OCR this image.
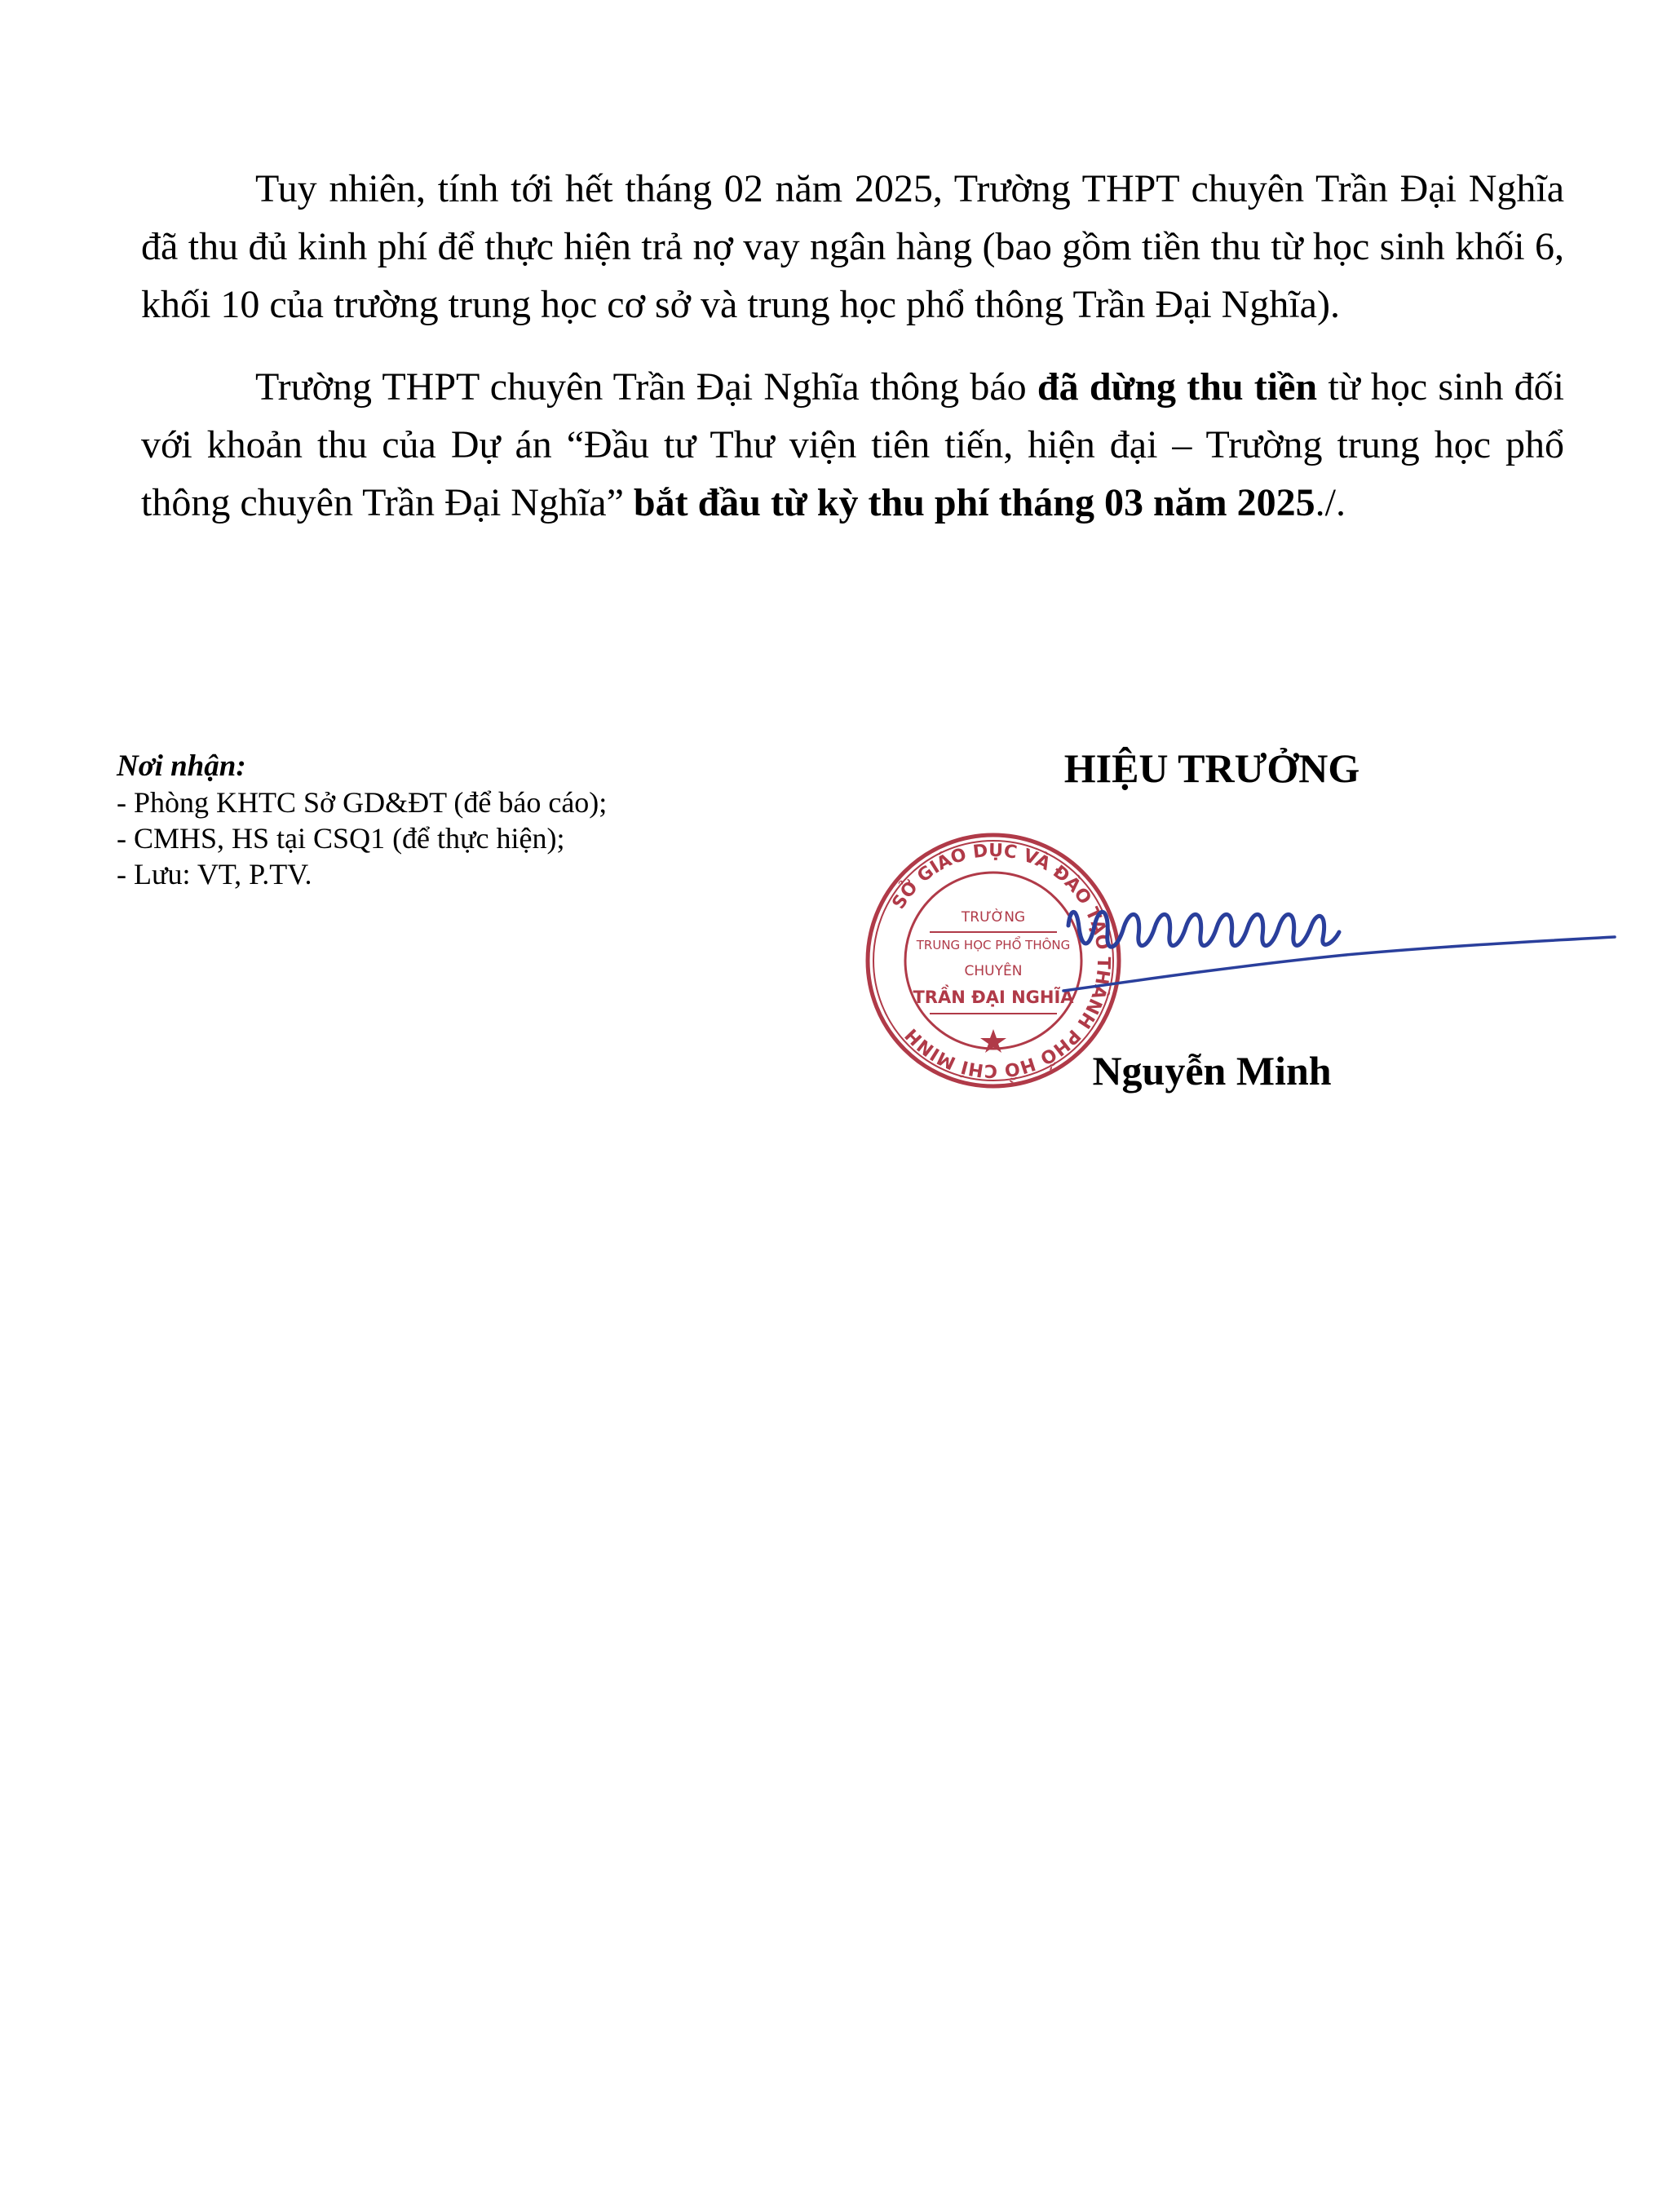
Tuy nhiên, tính tới hết tháng 02 năm 2025, Trường THPT chuyên Trần Đại Nghĩa đã thu đủ kinh phí để thực hiện trả nợ vay ngân hàng (bao gồm tiền thu từ học sinh khối 6, khối 10 của trường trung học cơ sở và trung học phổ thông Trần Đại Nghĩa).

Trường THPT chuyên Trần Đại Nghĩa thông báo đã dừng thu tiền từ học sinh đối với khoản thu của Dự án “Đầu tư Thư viện tiên tiến, hiện đại – Trường trung học phổ thông chuyên Trần Đại Nghĩa” bắt đầu từ kỳ thu phí tháng 03 năm 2025./.

Nơi nhận:
- Phòng KHTC Sở GD&ĐT (để báo cáo);
- CMHS, HS tại CSQ1 (để thực hiện);
- Lưu: VT, P.TV.
HIỆU TRƯỞNG
SỞ GIÁO DỤC VÀ ĐÀO TẠO THÀNH PHỐ HỒ CHÍ MINH
TRƯỜNG
TRUNG HỌC PHỔ THÔNG
CHUYÊN
TRẦN ĐẠI NGHĨA
Nguyễn Minh
